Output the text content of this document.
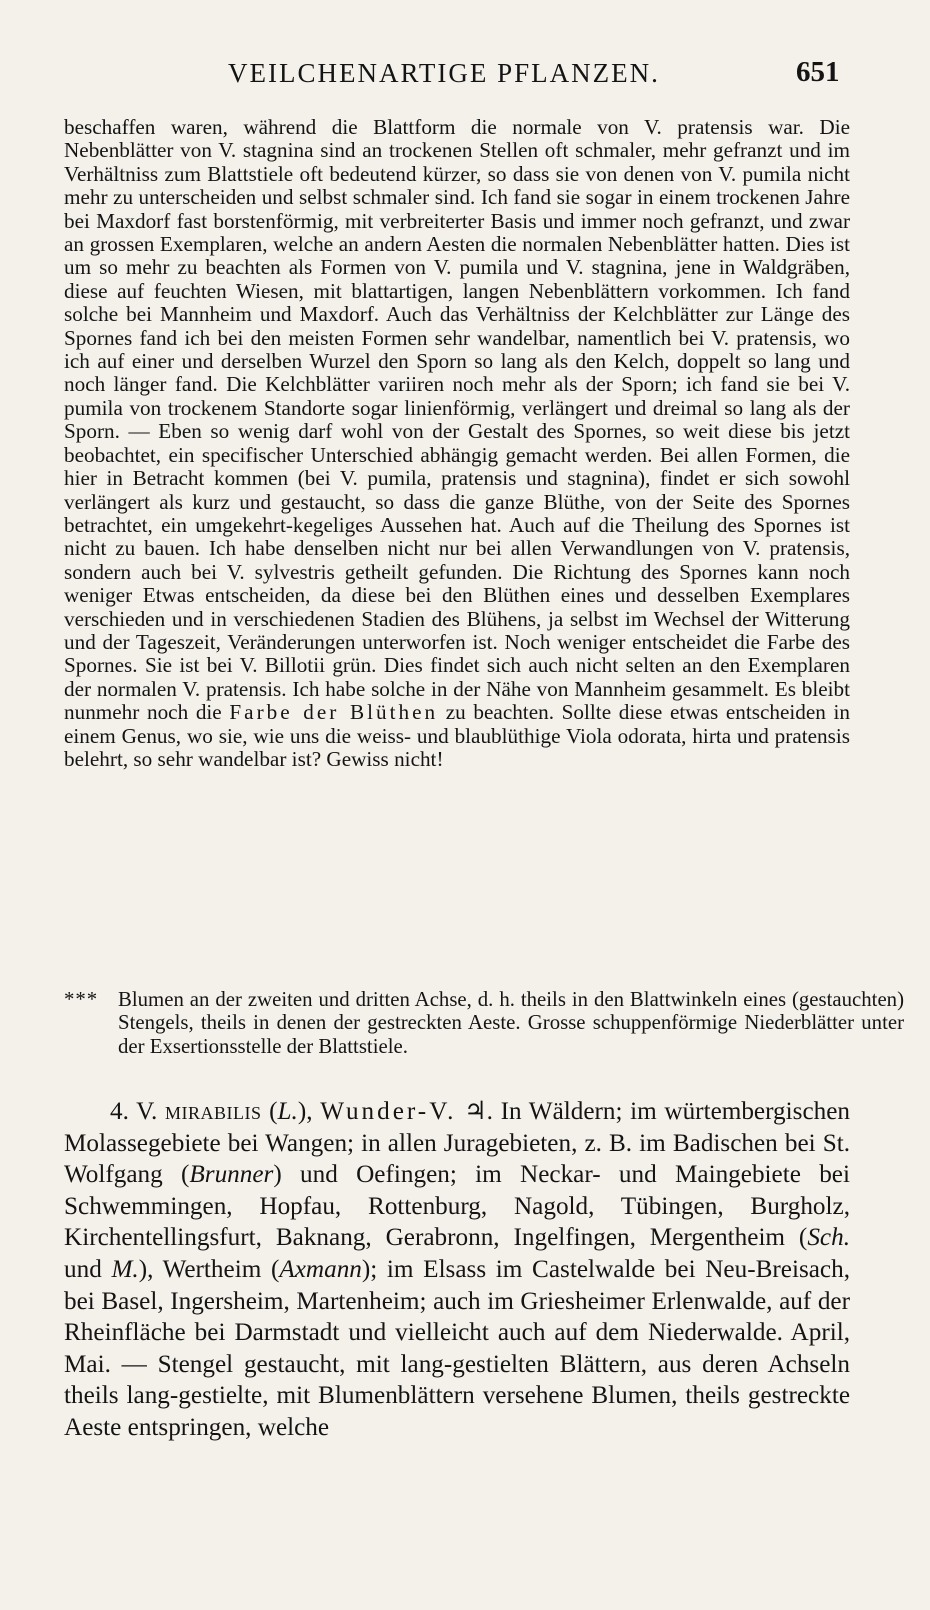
VEILCHENARTIGE PFLANZEN.	651

beschaffen waren, während die Blattform die normale von V. pratensis war. Die Nebenblätter von V. stagnina sind an trockenen Stellen oft schmaler, mehr gefranzt und im Verhältniss zum Blattstiele oft bedeutend kürzer, so dass sie von denen von V. pumila nicht mehr zu unterscheiden und selbst schmaler sind. Ich fand sie sogar in einem trockenen Jahre bei Maxdorf fast borstenförmig, mit verbreiterter Basis und immer noch gefranzt, und zwar an grossen Exemplaren, welche an andern Aesten die normalen Nebenblätter hatten. Dies ist um so mehr zu beachten als Formen von V. pumila und V. stagnina, jene in Waldgräben, diese auf feuchten Wiesen, mit blattartigen, langen Nebenblättern vorkommen. Ich fand solche bei Mannheim und Maxdorf. Auch das Verhältniss der Kelchblätter zur Länge des Spornes fand ich bei den meisten Formen sehr wandelbar, namentlich bei V. pratensis, wo ich auf einer und derselben Wurzel den Sporn so lang als den Kelch, doppelt so lang und noch länger fand. Die Kelchblätter variiren noch mehr als der Sporn; ich fand sie bei V. pumila von trockenem Standorte sogar linienförmig, verlängert und dreimal so lang als der Sporn. — Eben so wenig darf wohl von der Gestalt des Spornes, so weit diese bis jetzt beobachtet, ein specifischer Unterschied abhängig gemacht werden. Bei allen Formen, die hier in Betracht kommen (bei V. pumila, pratensis und stagnina), findet er sich sowohl verlängert als kurz und gestaucht, so dass die ganze Blüthe, von der Seite des Spornes betrachtet, ein umgekehrt-kegeliges Aussehen hat. Auch auf die Theilung des Spornes ist nicht zu bauen. Ich habe denselben nicht nur bei allen Verwandlungen von V. pratensis, sondern auch bei V. sylvestris getheilt gefunden. Die Richtung des Spornes kann noch weniger Etwas entscheiden, da diese bei den Blüthen eines und desselben Exemplares verschieden und in verschiedenen Stadien des Blühens, ja selbst im Wechsel der Witterung und der Tageszeit, Veränderungen unterworfen ist. Noch weniger entscheidet die Farbe des Spornes. Sie ist bei V. Billotii grün. Dies findet sich auch nicht selten an den Exemplaren der normalen V. pratensis. Ich habe solche in der Nähe von Mannheim gesammelt. Es bleibt nunmehr noch die Farbe der Blüthen zu beachten. Sollte diese etwas entscheiden in einem Genus, wo sie, wie uns die weiss- und blaublüthige Viola odorata, hirta und pratensis belehrt, so sehr wandelbar ist? Gewiss nicht!

*** Blumen an der zweiten und dritten Achse, d. h. theils in den Blattwinkeln eines (gestauchten) Stengels, theils in denen der gestreckten Aeste. Grosse schuppenförmige Niederblätter unter der Exsertionsstelle der Blattstiele.

4. V. mirabilis (L.), Wunder-V. ♃. In Wäldern; im würtembergischen Molassegebiete bei Wangen; in allen Juragebieten, z. B. im Badischen bei St. Wolfgang (Brunner) und Oefingen; im Neckar- und Maingebiete bei Schwemmingen, Hopfau, Rottenburg, Nagold, Tübingen, Burgholz, Kirchentellingsfurt, Baknang, Gerabronn, Ingelfingen, Mergentheim (Sch. und M.), Wertheim (Axmann); im Elsass im Castelwalde bei Neu-Breisach, bei Basel, Ingersheim, Martenheim; auch im Griesheimer Erlenwalde, auf der Rheinfläche bei Darmstadt und vielleicht auch auf dem Niederwalde. April, Mai. — Stengel gestaucht, mit lang-gestielten Blättern, aus deren Achseln theils lang-gestielte, mit Blumenblättern versehene Blumen, theils gestreckte Aeste entspringen, welche
